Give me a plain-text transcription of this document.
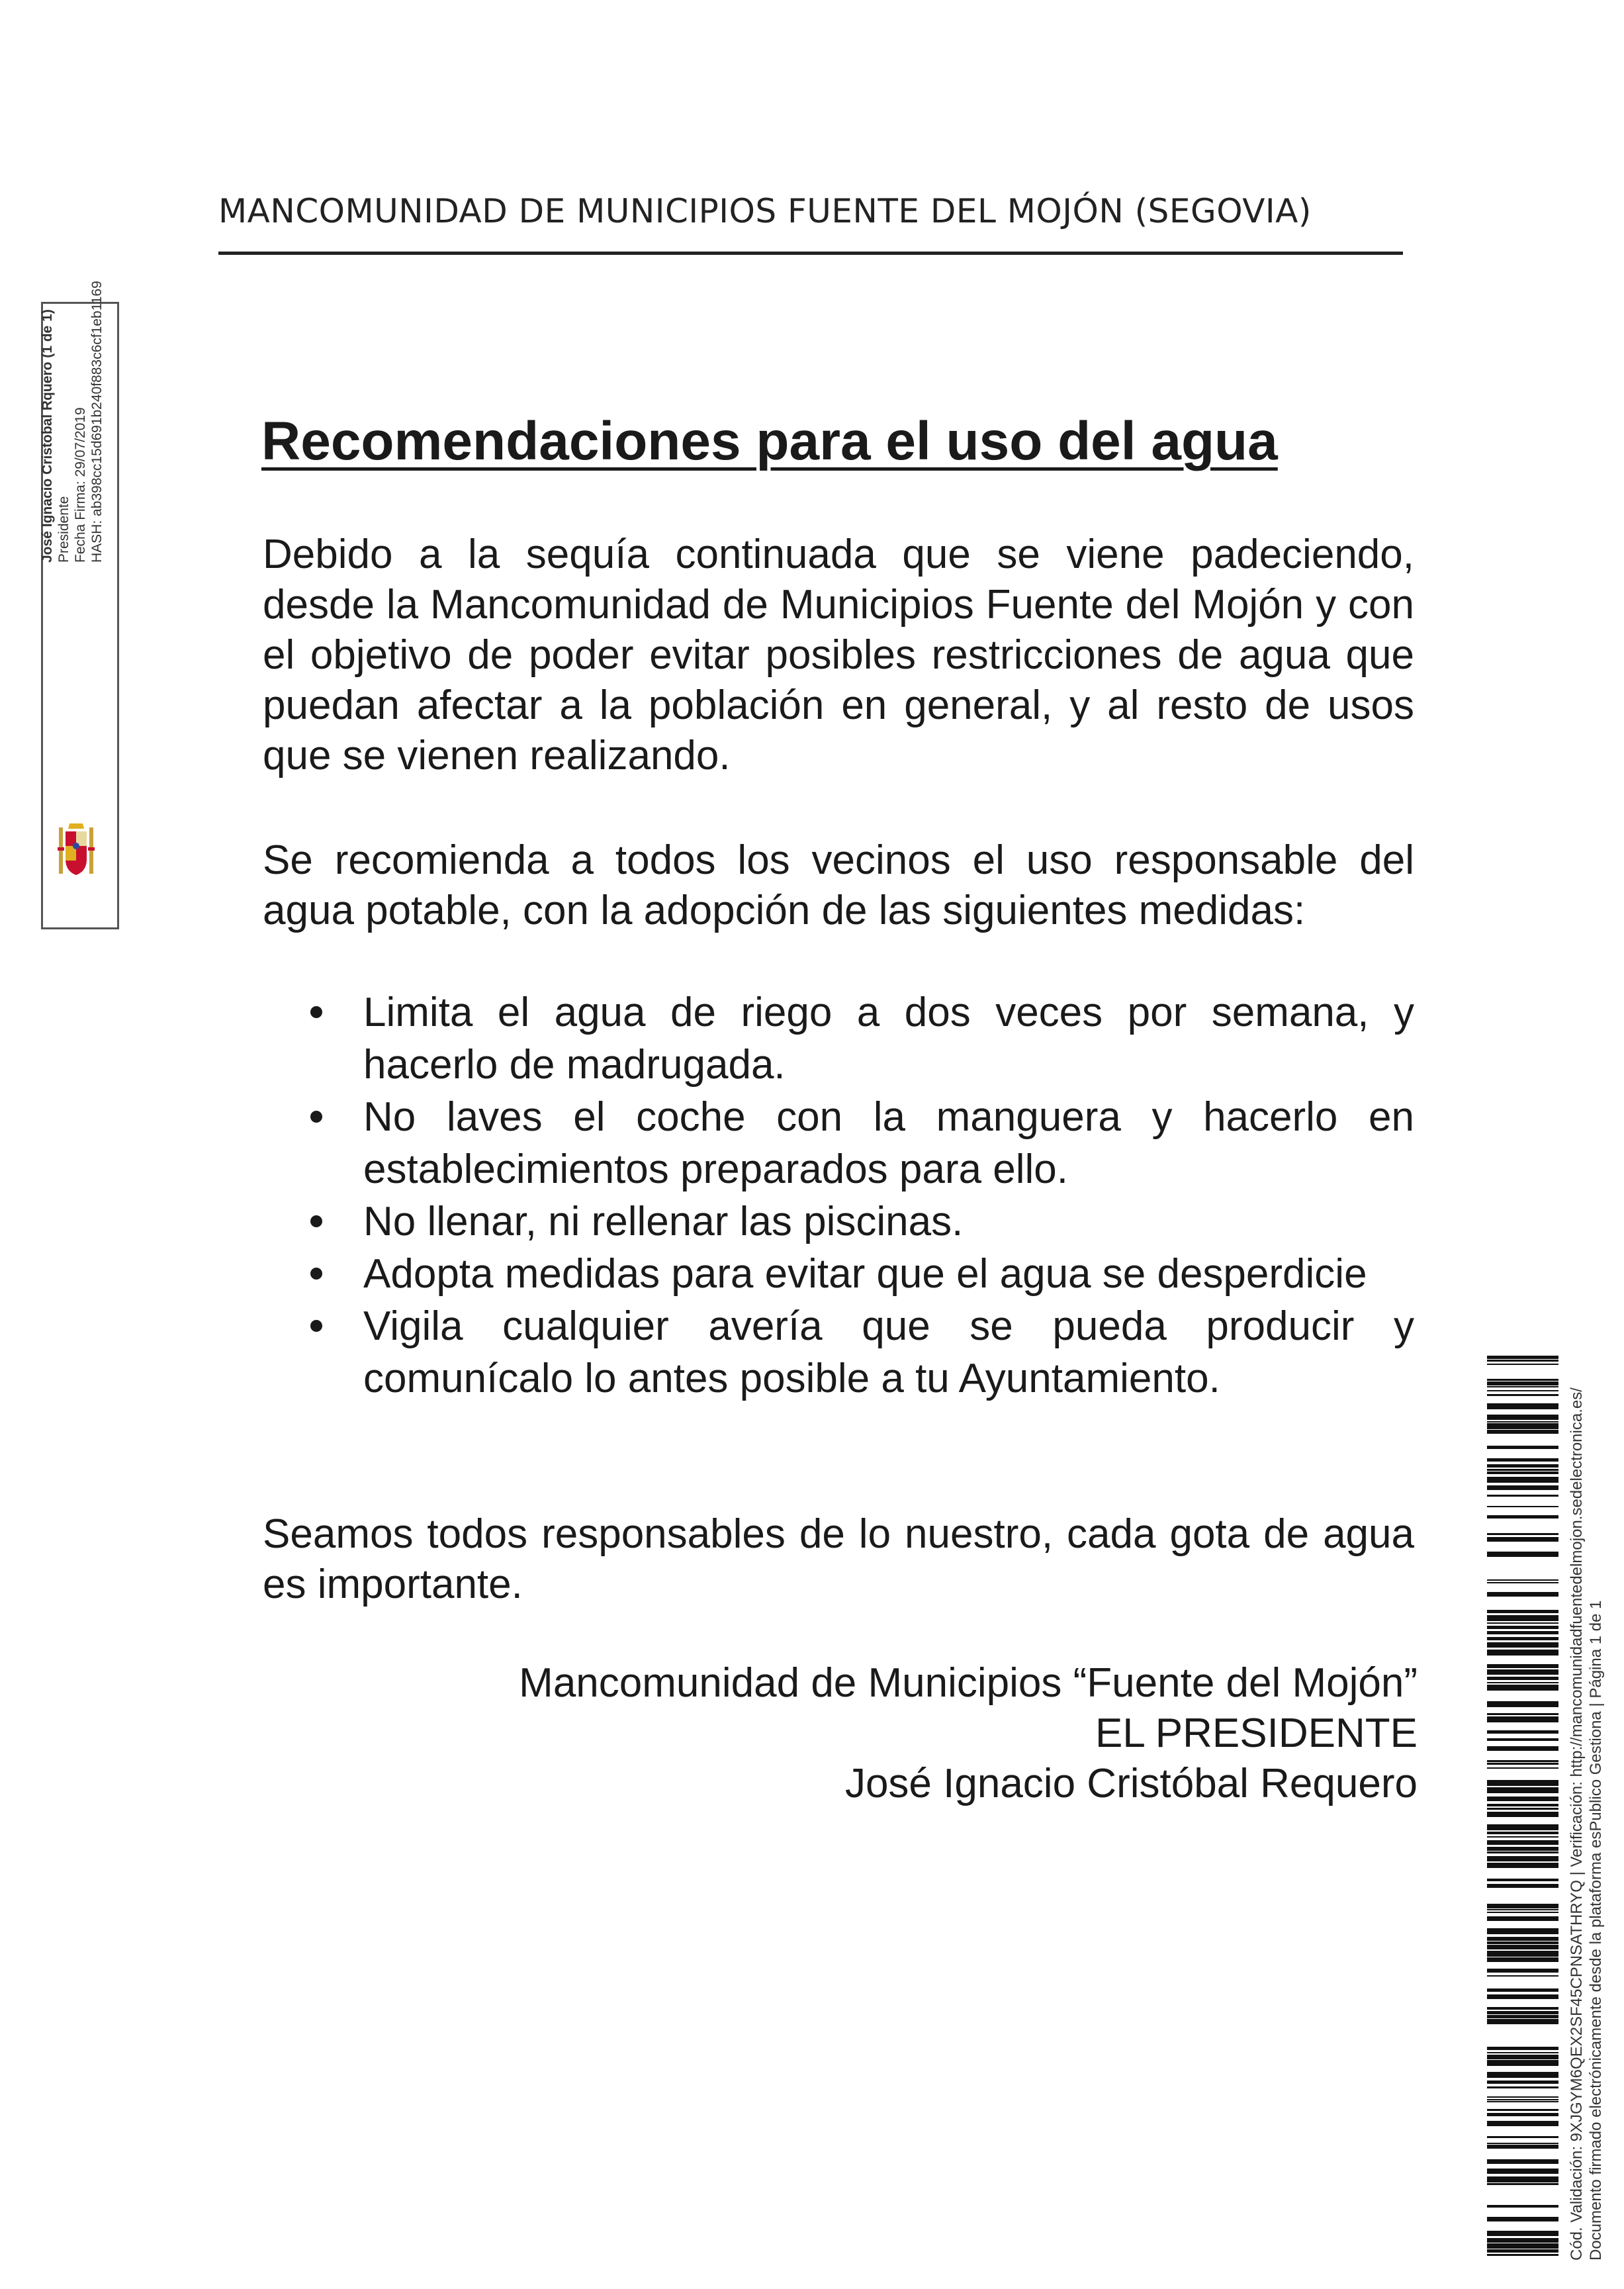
MANCOMUNIDAD DE MUNICIPIOS FUENTE DEL MOJÓN (SEGOVIA)
Recomendaciones para el uso del agua
Debido a la sequía continuada que se viene padeciendo, desde la Mancomunidad de Municipios Fuente del Mojón y con el objetivo de poder evitar posibles restricciones de agua que puedan afectar a la población en general, y al resto de usos que se vienen realizando.
Se recomienda a todos los vecinos el uso responsable del agua potable, con la adopción de las siguientes medidas:
Limita el agua de riego a dos veces por semana, y hacerlo de madrugada.
No laves el coche con la manguera y hacerlo en establecimientos preparados para ello.
No llenar, ni rellenar las piscinas.
Adopta medidas para evitar que el agua se desperdicie
Vigila cualquier avería que se pueda producir y comunícalo lo antes posible a tu Ayuntamiento.
Seamos todos responsables de lo nuestro, cada gota de agua es importante.
Mancomunidad de Municipios “Fuente del Mojón”
EL PRESIDENTE
José Ignacio Cristóbal Requero
José Ignacio Cristobal Rquero (1 de 1) Presidente Fecha Firma: 29/07/2019 HASH: ab398cc15d691b240f883c6cf1eb1169
Cód. Validación: 9XJGYM6QEX2SF45CPNSATHRYQ | Verificación: http://mancomunidadfuentedelmojon.sedelectronica.es/ Documento firmado electrónicamente desde la plataforma esPublico Gestiona | Página 1 de 1
